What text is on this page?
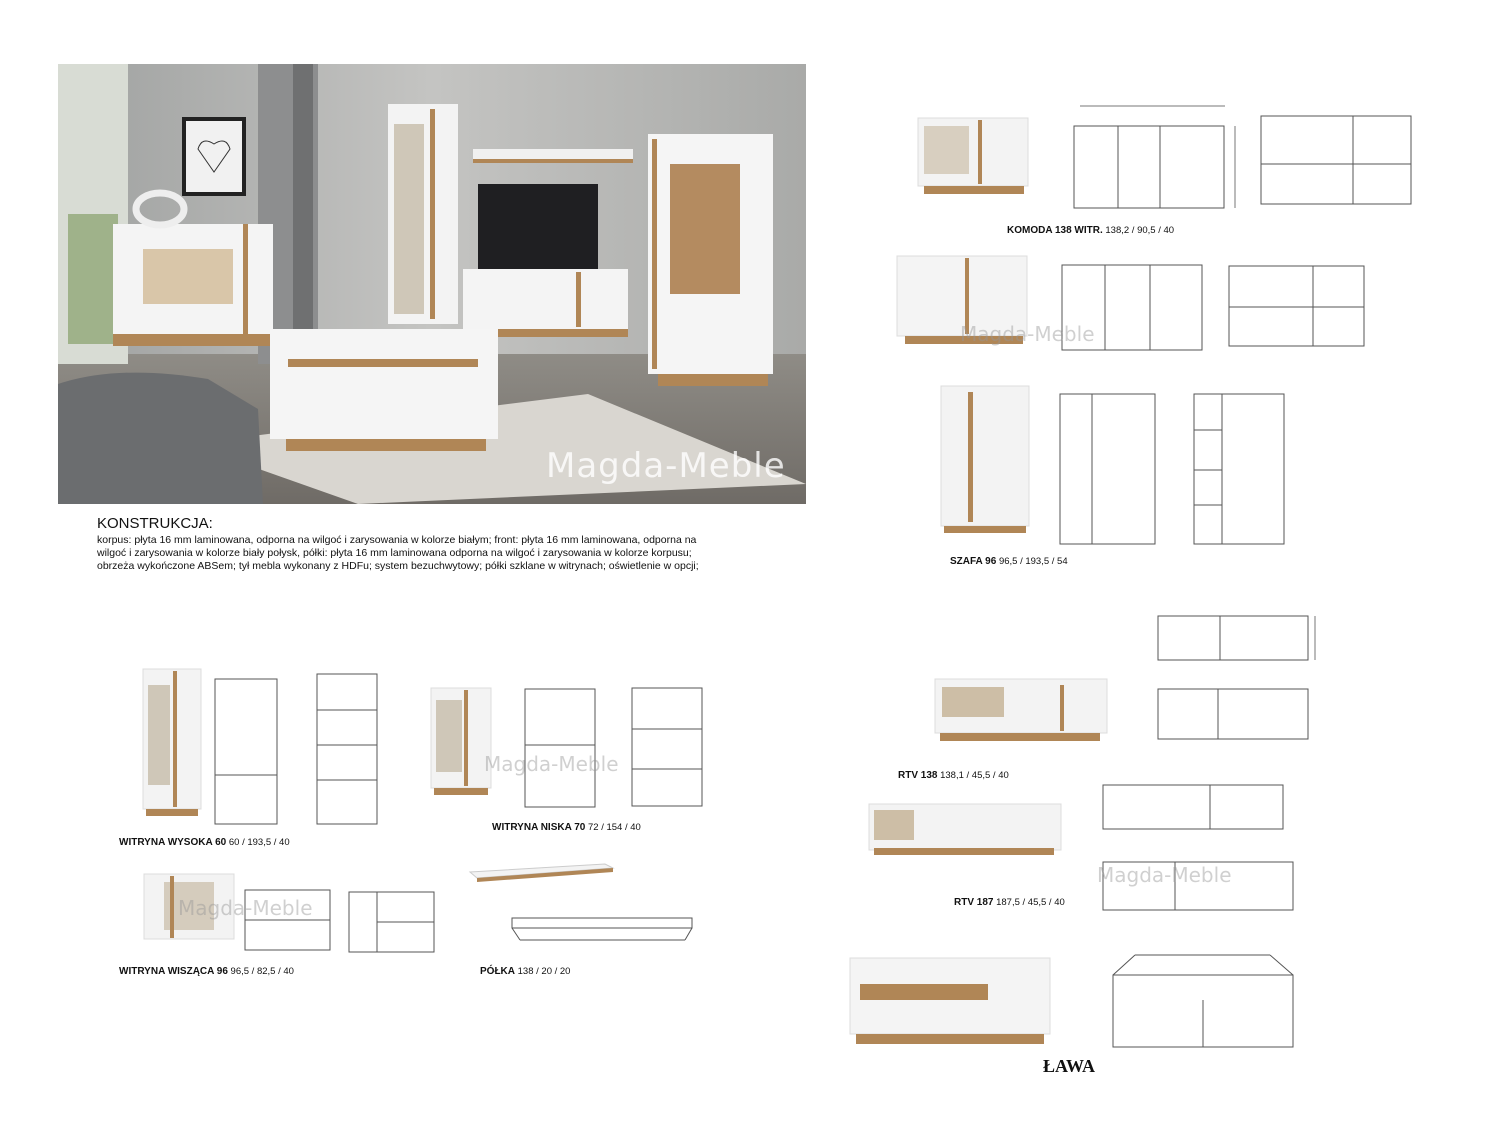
Magda-Meble
KONSTRUKCJA:
korpus: płyta 16 mm laminowana, odporna na wilgoć i zarysowania w kolorze białym; front: płyta 16 mm laminowana, odporna na wilgoć i zarysowania w kolorze biały połysk, półki: płyta 16 mm laminowana odporna na wilgoć i zarysowania w kolorze korpusu; obrzeża wykończone ABSem; tył mebla wykonany z HDFu; system bezuchwytowy; półki szklane w witrynach; oświetlenie w opcji;
KOMODA 138 WITR. 138,2 / 90,5 / 40
Magda-Meble
SZAFA 96 96,5 / 193,5 / 54
RTV 138 138,1 / 45,5 / 40
Magda-Meble
RTV 187 187,5 / 45,5 / 40
ŁAWA
WITRYNA WYSOKA 60 60 / 193,5 / 40
Magda-Meble
WITRYNA NISKA 70 72 / 154 / 40
Magda-Meble
WITRYNA WISZĄCA 96 96,5 / 82,5 / 40	PÓŁKA 138 / 20 / 20
